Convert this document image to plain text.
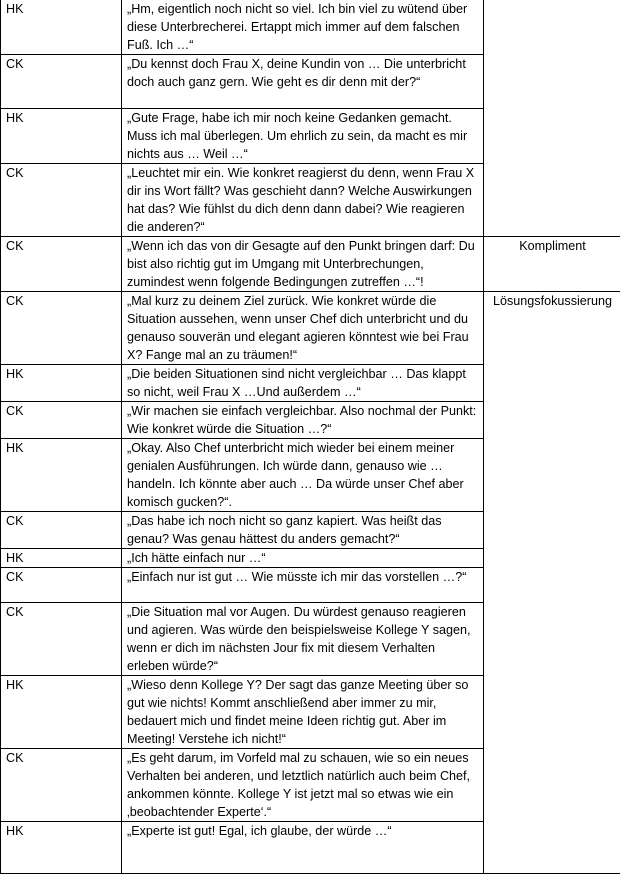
HK	„Hm, eigentlich noch nicht so viel. Ich bin viel zu wütend über diese Unterbrecherei. Ertappt mich immer auf dem falschen Fuß. Ich …“	
CK	„Du kennst doch Frau X, deine Kundin von … Die unterbricht doch auch ganz gern. Wie geht es dir denn mit der?“	
HK	„Gute Frage, habe ich mir noch keine Gedanken gemacht. Muss ich mal überlegen. Um ehrlich zu sein, da macht es mir nichts aus … Weil …“	
CK	„Leuchtet mir ein. Wie konkret reagierst du denn, wenn Frau X dir ins Wort fällt? Was geschieht dann? Welche Auswirkungen hat das? Wie fühlst du dich denn dann dabei? Wie reagieren die anderen?“	
CK	„Wenn ich das von dir Gesagte auf den Punkt bringen darf: Du bist also richtig gut im Umgang mit Unterbrechungen, zumindest wenn folgende Bedingungen zutreffen …“!	Kompliment
CK	„Mal kurz zu deinem Ziel zurück. Wie konkret würde die Situation aussehen, wenn unser Chef dich unterbricht und du genauso souverän und elegant agieren könntest wie bei Frau X? Fange mal an zu träumen!“	Lösungsfokussierung
HK	„Die beiden Situationen sind nicht vergleichbar … Das klappt so nicht, weil Frau X …Und außerdem …“	
CK	„Wir machen sie einfach vergleichbar. Also nochmal der Punkt: Wie konkret würde die Situation …?“	
HK	„Okay. Also Chef unterbricht mich wieder bei einem meiner genialen Ausführungen. Ich würde dann, genauso wie … handeln. Ich könnte aber auch … Da würde unser Chef aber komisch gucken?“.	
CK	„Das habe ich noch nicht so ganz kapiert. Was heißt das genau? Was genau hättest du anders gemacht?“	
HK	„Ich hätte einfach nur …“	
CK	„Einfach nur ist gut … Wie müsste ich mir das vorstellen …?“	
CK	„Die Situation mal vor Augen. Du würdest genauso reagieren und agieren. Was würde den beispielsweise Kollege Y sagen, wenn er dich im nächsten Jour fix mit diesem Verhalten erleben würde?“	
HK	„Wieso denn Kollege Y? Der sagt das ganze Meeting über so gut wie nichts! Kommt anschließend aber immer zu mir, bedauert mich und findet meine Ideen richtig gut. Aber im Meeting! Verstehe ich nicht!“	
CK	„Es geht darum, im Vorfeld mal zu schauen, wie so ein neues Verhalten bei anderen, und letztlich natürlich auch beim Chef, ankommen könnte. Kollege Y ist jetzt mal so etwas wie ein ‚beobachtender Experte‘.“	
HK	„Experte ist gut! Egal, ich glaube, der würde …“	
